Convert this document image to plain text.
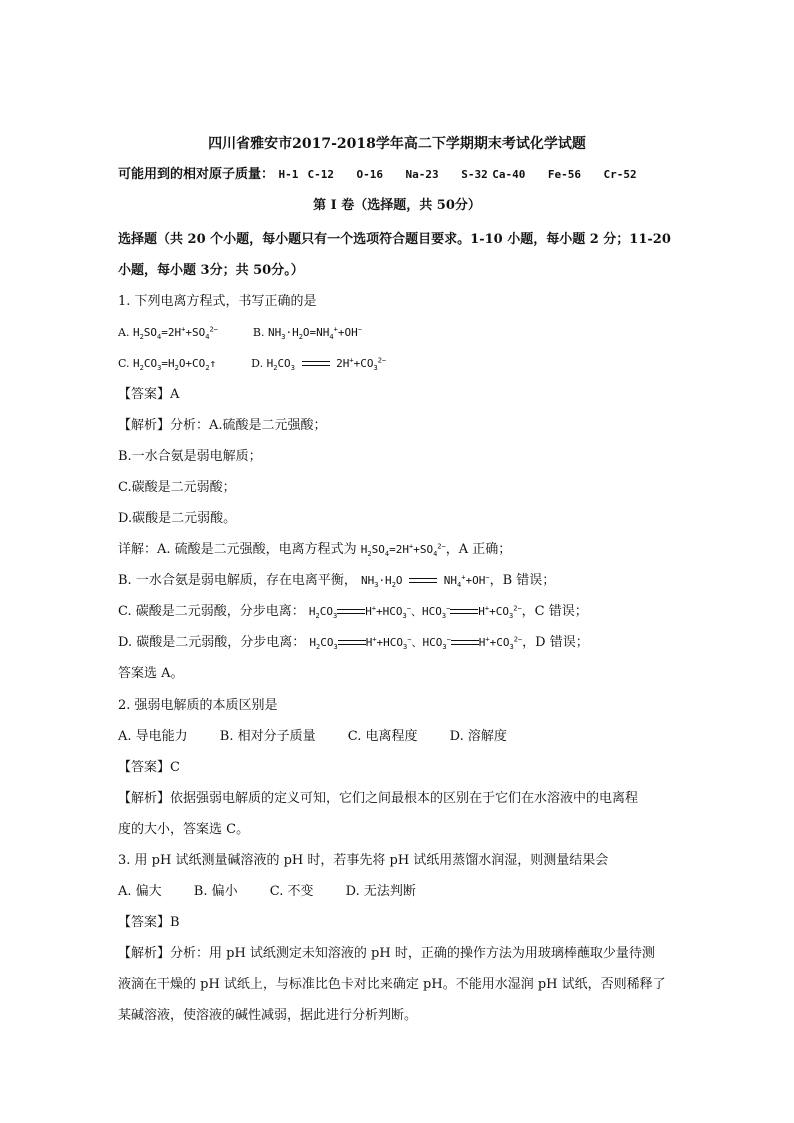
四川省雅安市2017-2018学年高二下学期期末考试化学试题
可能用到的相对原子质量： H-1 C-12 O-16 Na-23 S-32 Ca-40 Fe-56 Cr-52
第 I 卷（选择题，共 50分）
选择题（共 20 个小题，每小题只有一个选项符合题目要求。1-10 小题，每小题 2 分；11-20
小题，每小题 3分；共 50分。）
1. 下列电离方程式，书写正确的是
A. $H_2SO_4=2H^++SO_4^{2-}$	B. $NH_3\cdot H_2O=NH_4^++OH^-$
C. $H_2CO_3=H_2O+CO_2↑$	D. $H_2CO_3$	$2H^++CO_3^{2-}$
【答案】A
【解析】分析：A.硫酸是二元强酸；
B.一水合氨是弱电解质；
C.碳酸是二元弱酸；
D.碳酸是二元弱酸。
详解：A. 硫酸是二元强酸，电离方程式为 $H_2SO_4=2H^++SO_4^{2-}$，A 正确；
B. 一水合氨是弱电解质，存在电离平衡， $NH_3\cdot H_2O$	$NH_4^++OH^-$，B 错误；
C. 碳酸是二元弱酸，分步电离： $H_2CO_3$	$H^++HCO_3^-$、$HCO_3^-$	$H^++CO_3^{2-}$，C 错误；
D. 碳酸是二元弱酸，分步电离： $H_2CO_3$	$H^++HCO_3^-$、$HCO_3^-$	$H^++CO_3^{2-}$，D 错误；
答案选 A。
2. 强弱电解质的本质区别是
A. 导电能力 B. 相对分子质量 C. 电离程度 D. 溶解度
【答案】C
【解析】依据强弱电解质的定义可知，它们之间最根本的区别在于它们在水溶液中的电离程
度的大小，答案选 C。
3. 用 pH 试纸测量碱溶液的 pH 时，若事先将 pH 试纸用蒸馏水润湿，则测量结果会
A. 偏大 B. 偏小 C. 不变 D. 无法判断
【答案】B
【解析】分析：用 pH 试纸测定未知溶液的 pH 时，正确的操作方法为用玻璃棒蘸取少量待测
液滴在干燥的 pH 试纸上，与标准比色卡对比来确定 pH。不能用水湿润 pH 试纸，否则稀释了
某碱溶液，使溶液的碱性减弱，据此进行分析判断。
